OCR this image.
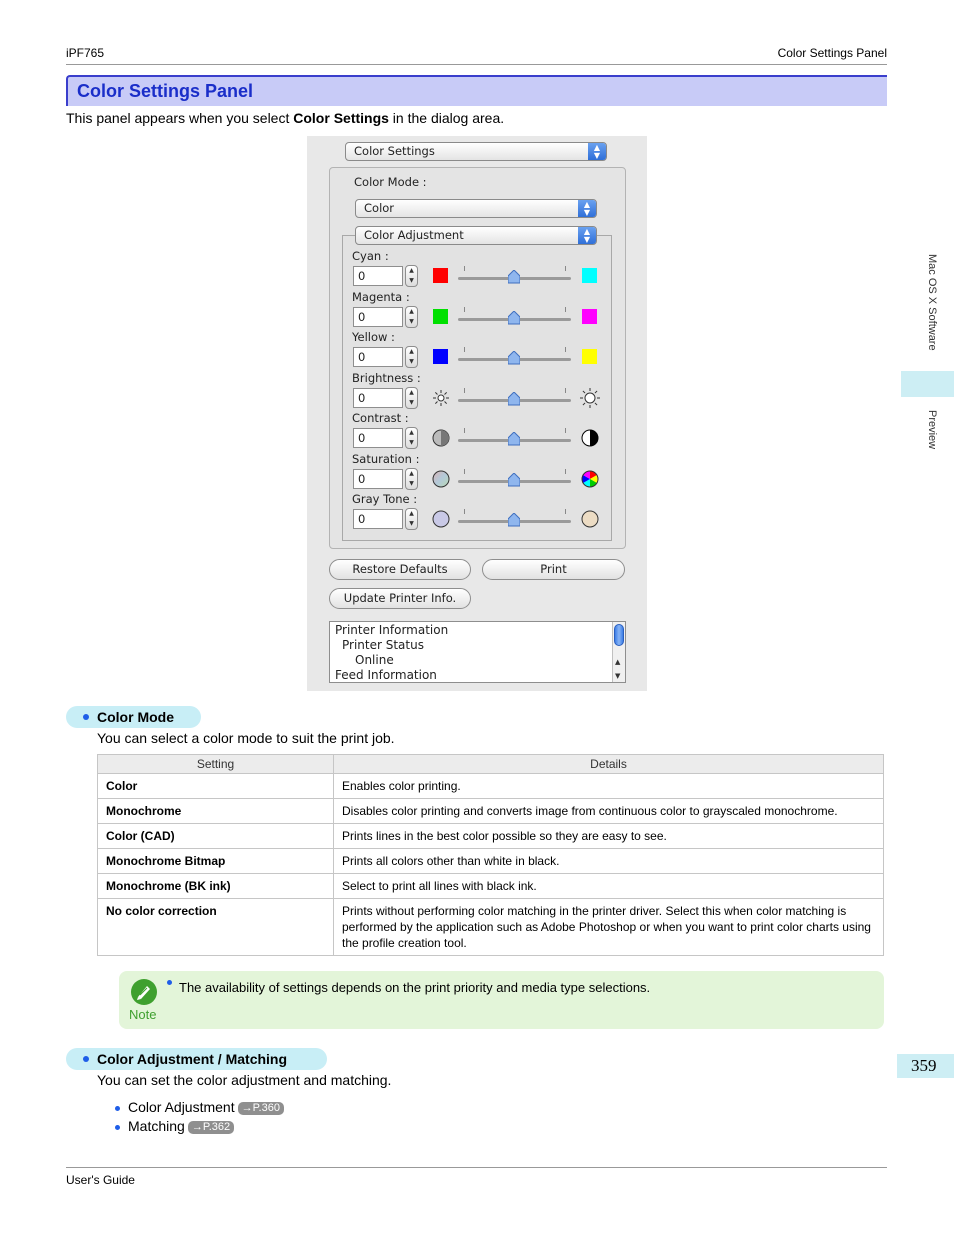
iPF765	Color Settings Panel
Mac OS X Software
Preview
359
Color Settings Panel
This panel appears when you select Color Settings in the dialog area.
Color Settings	▲
▼
Color Mode :
Color	▲
▼
Color Adjustment	▲
▼
Cyan :
0	▲
▼
Magenta :
0	▲
▼
Yellow :
0	▲
▼
Brightness :
0	▲
▼
Contrast :
0	▲
▼
Saturation :
0	▲
▼
Gray Tone :
0	▲
▼
Restore Defaults	Print
Update Printer Info.
Printer Information
Printer Status
Online
Feed Information
▲
▼
Color Mode
You can select a color mode to suit the print job.
Setting	Details
Color	Enables color printing.
Monochrome	Disables color printing and converts image from continuous color to grayscaled monochrome.
Color (CAD)	Prints lines in the best color possible so they are easy to see.
Monochrome Bitmap	Prints all colors other than white in black.
Monochrome (BK ink)	Select to print all lines with black ink.
No color correction	Prints without performing color matching in the printer driver. Select this when color matching is performed by the application such as Adobe Photoshop or when you want to print color charts using the profile creation tool.
Note
The availability of settings depends on the print priority and media type selections.
Color Adjustment / Matching
You can set the color adjustment and matching.
Color Adjustment →P.360
Matching →P.362
User's Guide
